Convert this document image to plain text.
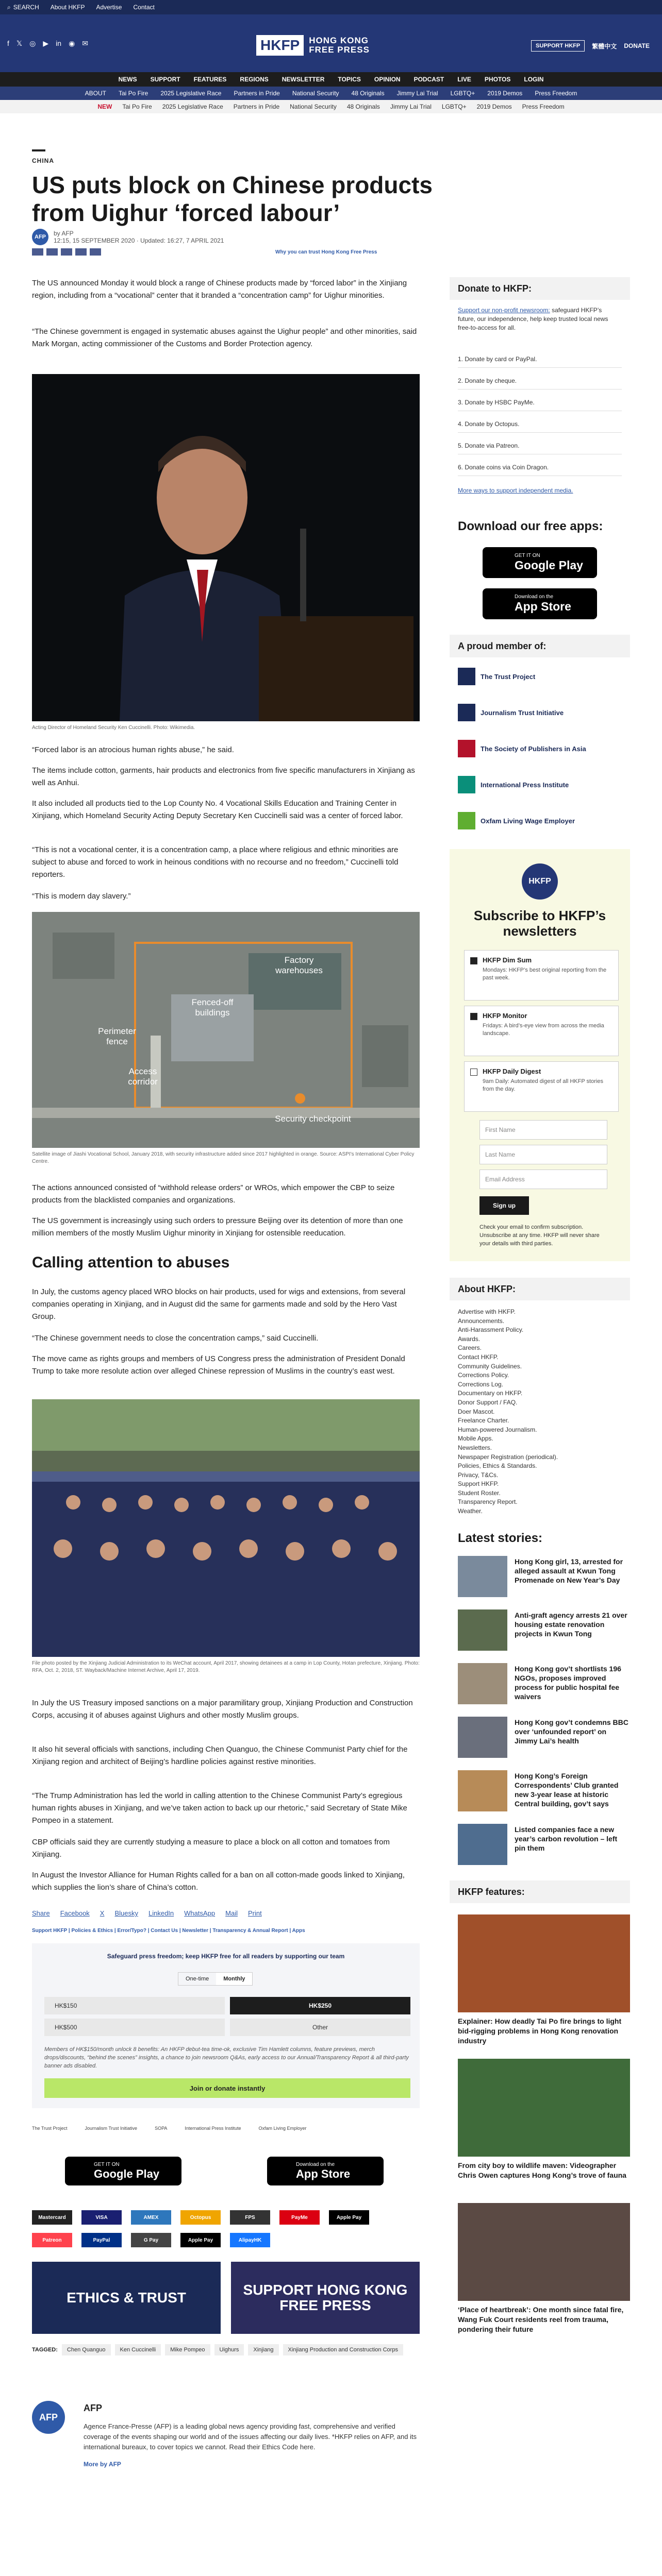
⌕ SEARCH About HKFP Advertise Contact
f 𝕏 ◎ ▶ in ◉ ✉	HKFP	HONG KONG
FREE PRESS	SUPPORT HKFP	繁體中文 DONATE
NEWS SUPPORT FEATURES REGIONS NEWSLETTER TOPICS OPINION PODCAST LIVE PHOTOS LOGIN
ABOUT Tai Po Fire 2025 Legislative Race Partners in Pride National Security 48 Originals Jimmy Lai Trial LGBTQ+ 2019 Demos Press Freedom
NEW Tai Po Fire 2025 Legislative Race Partners in Pride National Security 48 Originals Jimmy Lai Trial LGBTQ+ 2019 Demos Press Freedom
CHINA
US puts block on Chinese products from Uighur ‘forced labour’
AFP	by AFP
12:15, 15 SEPTEMBER 2020 · Updated: 16:27, 7 APRIL 2021
Why you can trust Hong Kong Free Press

The US announced Monday it would block a range of Chinese products made by “forced labor” in the Xinjiang region, including from a “vocational” center that it branded a “concentration camp” for Uighur minorities.

“The Chinese government is engaged in systematic abuses against the Uighur people” and other minorities, said Mark Morgan, acting commissioner of the Customs and Border Protection agency.

Acting Director of Homeland Security Ken Cuccinelli. Photo: Wikimedia.

“Forced labor is an atrocious human rights abuse,” he said.

The items include cotton, garments, hair products and electronics from five specific manufacturers in Xinjiang as well as Anhui.

It also included all products tied to the Lop County No. 4 Vocational Skills Education and Training Center in Xinjiang, which Homeland Security Acting Deputy Secretary Ken Cuccinelli said was a center of forced labor.

“This is not a vocational center, it is a concentration camp, a place where religious and ethnic minorities are subject to abuse and forced to work in heinous conditions with no recourse and no freedom,” Cuccinelli told reporters.

“This is modern day slavery.”

Factory warehouses
Fenced-off buildings
Perimeter fence
Access corridor
Security checkpoint
Satellite image of Jiashi Vocational School, January 2018, with security infrastructure added since 2017 highlighted in orange. Source: ASPI’s International Cyber Policy Centre.

The actions announced consisted of “withhold release orders” or WROs, which empower the CBP to seize products from the blacklisted companies and organizations.

The US government is increasingly using such orders to pressure Beijing over its detention of more than one million members of the mostly Muslim Uighur minority in Xinjiang for ostensible reeducation.

Calling attention to abuses

In July, the customs agency placed WRO blocks on hair products, used for wigs and extensions, from several companies operating in Xinjiang, and in August did the same for garments made and sold by the Hero Vast Group.

“The Chinese government needs to close the concentration camps,” said Cuccinelli.

The move came as rights groups and members of US Congress press the administration of President Donald Trump to take more resolute action over alleged Chinese repression of Muslims in the country’s east west.

File photo posted by the Xinjiang Judicial Administration to its WeChat account, April 2017, showing detainees at a camp in Lop County, Hotan prefecture, Xinjiang. Photo: RFA, Oct. 2, 2018, ST. Wayback/Machine Internet Archive, April 17, 2019.

In July the US Treasury imposed sanctions on a major paramilitary group, Xinjiang Production and Construction Corps, accusing it of abuses against Uighurs and other mostly Muslim groups.

It also hit several officials with sanctions, including Chen Quanguo, the Chinese Communist Party chief for the Xinjiang region and architect of Beijing’s hardline policies against restive minorities.

“The Trump Administration has led the world in calling attention to the Chinese Communist Party’s egregious human rights abuses in Xinjiang, and we’ve taken action to back up our rhetoric,” said Secretary of State Mike Pompeo in a statement.

CBP officials said they are currently studying a measure to place a block on all cotton and tomatoes from Xinjiang.

In August the Investor Alliance for Human Rights called for a ban on all cotton-made goods linked to Xinjiang, which supplies the lion’s share of China’s cotton.

Share Facebook X Bluesky LinkedIn WhatsApp Mail Print
Support HKFP | Policies & Ethics | Error/Typo? | Contact Us | Newsletter | Transparency & Annual Report | Apps
Safeguard press freedom; keep HKFP free for all readers by supporting our team
One-time	Monthly
HK$150	HK$250
HK$500	Other
Members of HK$150/month unlock 8 benefits: An HKFP debut-tea time-ok, exclusive Tim Hamlett columns, feature previews, merch drops/discounts, “behind the scenes” insights, a chance to join newsroom Q&As, early access to our Annual/Transparency Report & all third-party banner ads disabled.
Join or donate instantly
The Trust Project	Journalism Trust Initiative	SOPA	International Press Institute	Oxfam Living Employer
GET IT ON
Google Play
Download on the
App Store
Mastercard	VISA	AMEX	Octopus	FPS	PayMe	Apple Pay
Patreon	PayPal	G Pay	Apple Pay	AlipayHK
ETHICS & TRUST	SUPPORT HONG KONG FREE PRESS
TAGGED:	Chen Quanguo	Ken Cuccinelli	Mike Pompeo	Uighurs	Xinjiang	Xinjiang Production and Construction Corps
AFP
AFP
Agence France-Presse (AFP) is a leading global news agency providing fast, comprehensive and verified coverage of the events shaping our world and of the issues affecting our daily lives. *HKFP relies on AFP, and its international bureaux, to cover topics we cannot. Read their Ethics Code here.
More by AFP
Donate to HKFP:
Support our non-profit newsroom: safeguard HKFP’s future, our independence, help keep trusted local news free-to-access for all.
1. Donate by card or PayPal.
2. Donate by cheque.
3. Donate by HSBC PayMe.
4. Donate by Octopus.
5. Donate via Patreon.
6. Donate coins via Coin Dragon.
More ways to support independent media.
Download our free apps:
GET IT ON
Google Play
Download on the
App Store
A proud member of:
The Trust Project
Journalism Trust Initiative
The Society of Publishers in Asia
International Press Institute
Oxfam Living Wage Employer
HKFP
Subscribe to HKFP’s newsletters
HKFP Dim Sum
Mondays: HKFP’s best original reporting from the past week.
HKFP Monitor
Fridays: A bird’s-eye view from across the media landscape.
HKFP Daily Digest
9am Daily: Automated digest of all HKFP stories from the day.
First Name
Last Name
Email Address
Sign up
Check your email to confirm subscription. Unsubscribe at any time. HKFP will never share your details with third parties.
About HKFP:
Advertise with HKFP.
Announcements.
Anti-Harassment Policy.
Awards.
Careers.
Contact HKFP.
Community Guidelines.
Corrections Policy.
Corrections Log.
Documentary on HKFP.
Donor Support / FAQ.
Doer Mascot.
Freelance Charter.
Human-powered Journalism.
Mobile Apps.
Newsletters.
Newspaper Registration (periodical).
Policies, Ethics & Standards.
Privacy, T&Cs.
Support HKFP.
Student Roster.
Transparency Report.
Weather.
Latest stories:
Hong Kong girl, 13, arrested for alleged assault at Kwun Tong Promenade on New Year’s Day
Anti-graft agency arrests 21 over housing estate renovation projects in Kwun Tong
Hong Kong gov’t shortlists 196 NGOs, proposes improved process for public hospital fee waivers
Hong Kong gov’t condemns BBC over ‘unfounded report’ on Jimmy Lai’s health
Hong Kong’s Foreign Correspondents’ Club granted new 3-year lease at historic Central building, gov’t says
Listed companies face a new year’s carbon revolution – left pin them
HKFP features:
Explainer: How deadly Tai Po fire brings to light bid-rigging problems in Hong Kong renovation industry
From city boy to wildlife maven: Videographer Chris Owen captures Hong Kong’s trove of fauna
‘Place of heartbreak’: One month since fatal fire, Wang Fuk Court residents reel from trauma, pondering their future
